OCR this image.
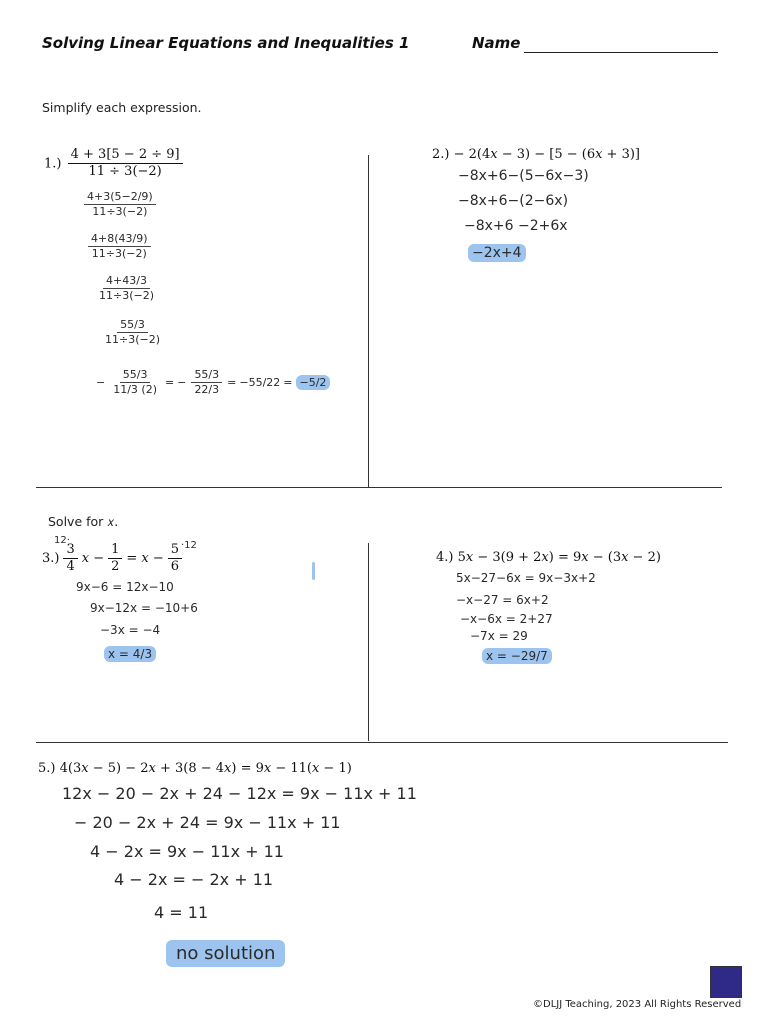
Solving Linear Equations and Inequalities 1	Name
Simplify each expression.
$1.) \frac{4 + 3[5 - 2 \div 9]}{11 \div 3(-2)}$
$\frac{4+3(5-2/9)}{11\div 3(-2)}$
$\frac{4+8(43/9)}{11\div 3(-2)}$
$\frac{4+43/3}{11\div 3(-2)}$
$\frac{55/3}{11\div 3(-2)}$
− $\frac{55/3}{11/3 (2)}$ = − $\frac{55/3}{22/3} = -55/22 = -5/2$
2.) − 2(4𝑥 − 3) − [5 − (6𝑥 + 3)]
−8x+6−(5−6x−3)
−8x+6−(2−6x)
−8x+6 −2+6x
−2x+4
Solve for 𝑥.
12·
$3.) \frac{3}{4}$ 𝑥 − $\frac{1}{2}$ = 𝑥 − $\frac{5}{6}$
·12
9x−6 = 12x−10
9x−12x = −10+6
−3x = −4
x = 4/3
4.) 5𝑥 − 3(9 + 2𝑥) = 9𝑥 − (3𝑥 − 2)
5x−27−6x = 9x−3x+2
−x−27 = 6x+2
−x−6x = 2+27
−7x = 29
x = −29/7
5.) 4(3𝑥 − 5) − 2𝑥 + 3(8 − 4𝑥) = 9𝑥 − 11(𝑥 − 1)
12x − 20 − 2x + 24 − 12x = 9x − 11x + 11
− 20 − 2x + 24 = 9x − 11x + 11
4 − 2x = 9x − 11x + 11
4 − 2x = − 2x + 11
4 = 11
no solution
©DLJJ Teaching, 2023 All Rights Reserved
